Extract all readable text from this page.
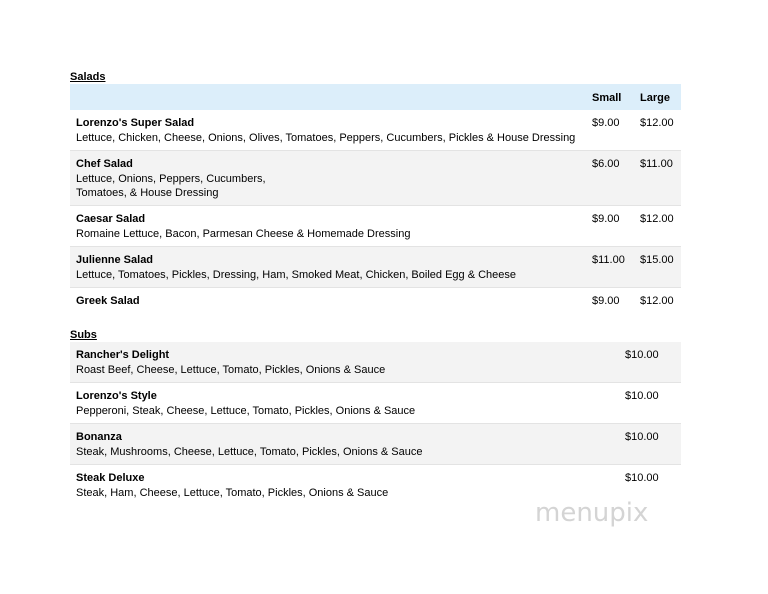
Salads
Small Large
Lorenzo's Super Salad
Lettuce, Chicken, Cheese, Onions, Olives, Tomatoes, Peppers, Cucumbers, Pickles & House Dressing
$9.00 $12.00
Chef Salad
Lettuce, Onions, Peppers, Cucumbers,
Tomatoes, & House Dressing
$6.00 $11.00
Caesar Salad
Romaine Lettuce, Bacon, Parmesan Cheese & Homemade Dressing
$9.00 $12.00
Julienne Salad
Lettuce, Tomatoes, Pickles, Dressing, Ham, Smoked Meat, Chicken, Boiled Egg & Cheese
$11.00 $15.00
Greek Salad	$9.00 $12.00
Subs
Rancher's Delight
Roast Beef, Cheese, Lettuce, Tomato, Pickles, Onions & Sauce
$10.00
Lorenzo's Style
Pepperoni, Steak, Cheese, Lettuce, Tomato, Pickles, Onions & Sauce
$10.00
Bonanza
Steak, Mushrooms, Cheese, Lettuce, Tomato, Pickles, Onions & Sauce
$10.00
Steak Deluxe
Steak, Ham, Cheese, Lettuce, Tomato, Pickles, Onions & Sauce
$10.00
menupix
